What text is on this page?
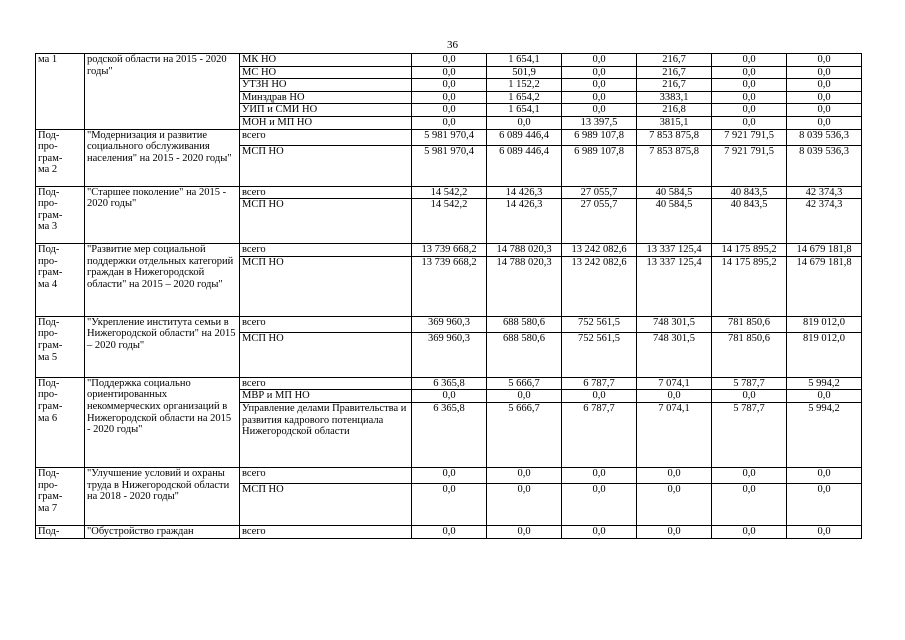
36
ма 1	родской области на 2015 - 2020 годы"	МК НО	0,0	1 654,1	0,0	216,7	0,0	0,0
		МС НО	0,0	501,9	0,0	216,7	0,0	0,0
		УТЗН НО	0,0	1 152,2	0,0	216,7	0,0	0,0
		Минздрав НО	0,0	1 654,2	0,0	3383,1	0,0	0,0
		УИП и СМИ НО	0,0	1 654,1	0,0	216,8	0,0	0,0
		МОН и МП НО	0,0	0,0	13 397,5	3815,1	0,0	0,0
Под-
про-
грам-
ма 2	"Модернизация и развитие социального обслуживания населения" на 2015 - 2020 годы"	всего	5 981 970,4	6 089 446,4	6 989 107,8	7 853 875,8	7 921 791,5	8 039 536,3
		МСП НО	5 981 970,4	6 089 446,4	6 989 107,8	7 853 875,8	7 921 791,5	8 039 536,3
Под-
про-
грам-
ма 3	"Старшее поколение" на 2015 - 2020 годы"	всего	14 542,2	14 426,3	27 055,7	40 584,5	40 843,5	42 374,3
		МСП НО	14 542,2	14 426,3	27 055,7	40 584,5	40 843,5	42 374,3
Под-
про-
грам-
ма 4	"Развитие мер социальной поддержки отдельных категорий граждан в Нижегородской области" на 2015 – 2020 годы"	всего	13 739 668,2	14 788 020,3	13 242 082,6	13 337 125,4	14 175 895,2	14 679 181,8
		МСП НО	13 739 668,2	14 788 020,3	13 242 082,6	13 337 125,4	14 175 895,2	14 679 181,8
Под-
про-
грам-
ма 5	"Укрепление института семьи в Нижегородской области" на 2015 – 2020 годы"	всего	369 960,3	688 580,6	752 561,5	748 301,5	781 850,6	819 012,0
		МСП НО	369 960,3	688 580,6	752 561,5	748 301,5	781 850,6	819 012,0
Под-
про-
грам-
ма 6	"Поддержка социально ориентированных некоммерческих организаций в Нижегородской области на 2015 - 2020 годы"	всего	6 365,8	5 666,7	6 787,7	7 074,1	5 787,7	5 994,2
		МВР и МП НО	0,0	0,0	0,0	0,0	0,0	0,0
		Управление делами Правительства и развития кадрового потенциала Нижегородской области	6 365,8	5 666,7	6 787,7	7 074,1	5 787,7	5 994,2
Под-
про-
грам-
ма 7	"Улучшение условий и охраны труда в Нижегородской области на 2018 - 2020 годы"	всего	0,0	0,0	0,0	0,0	0,0	0,0
		МСП НО	0,0	0,0	0,0	0,0	0,0	0,0
Под-	"Обустройство граждан	всего	0,0	0,0	0,0	0,0	0,0	0,0
